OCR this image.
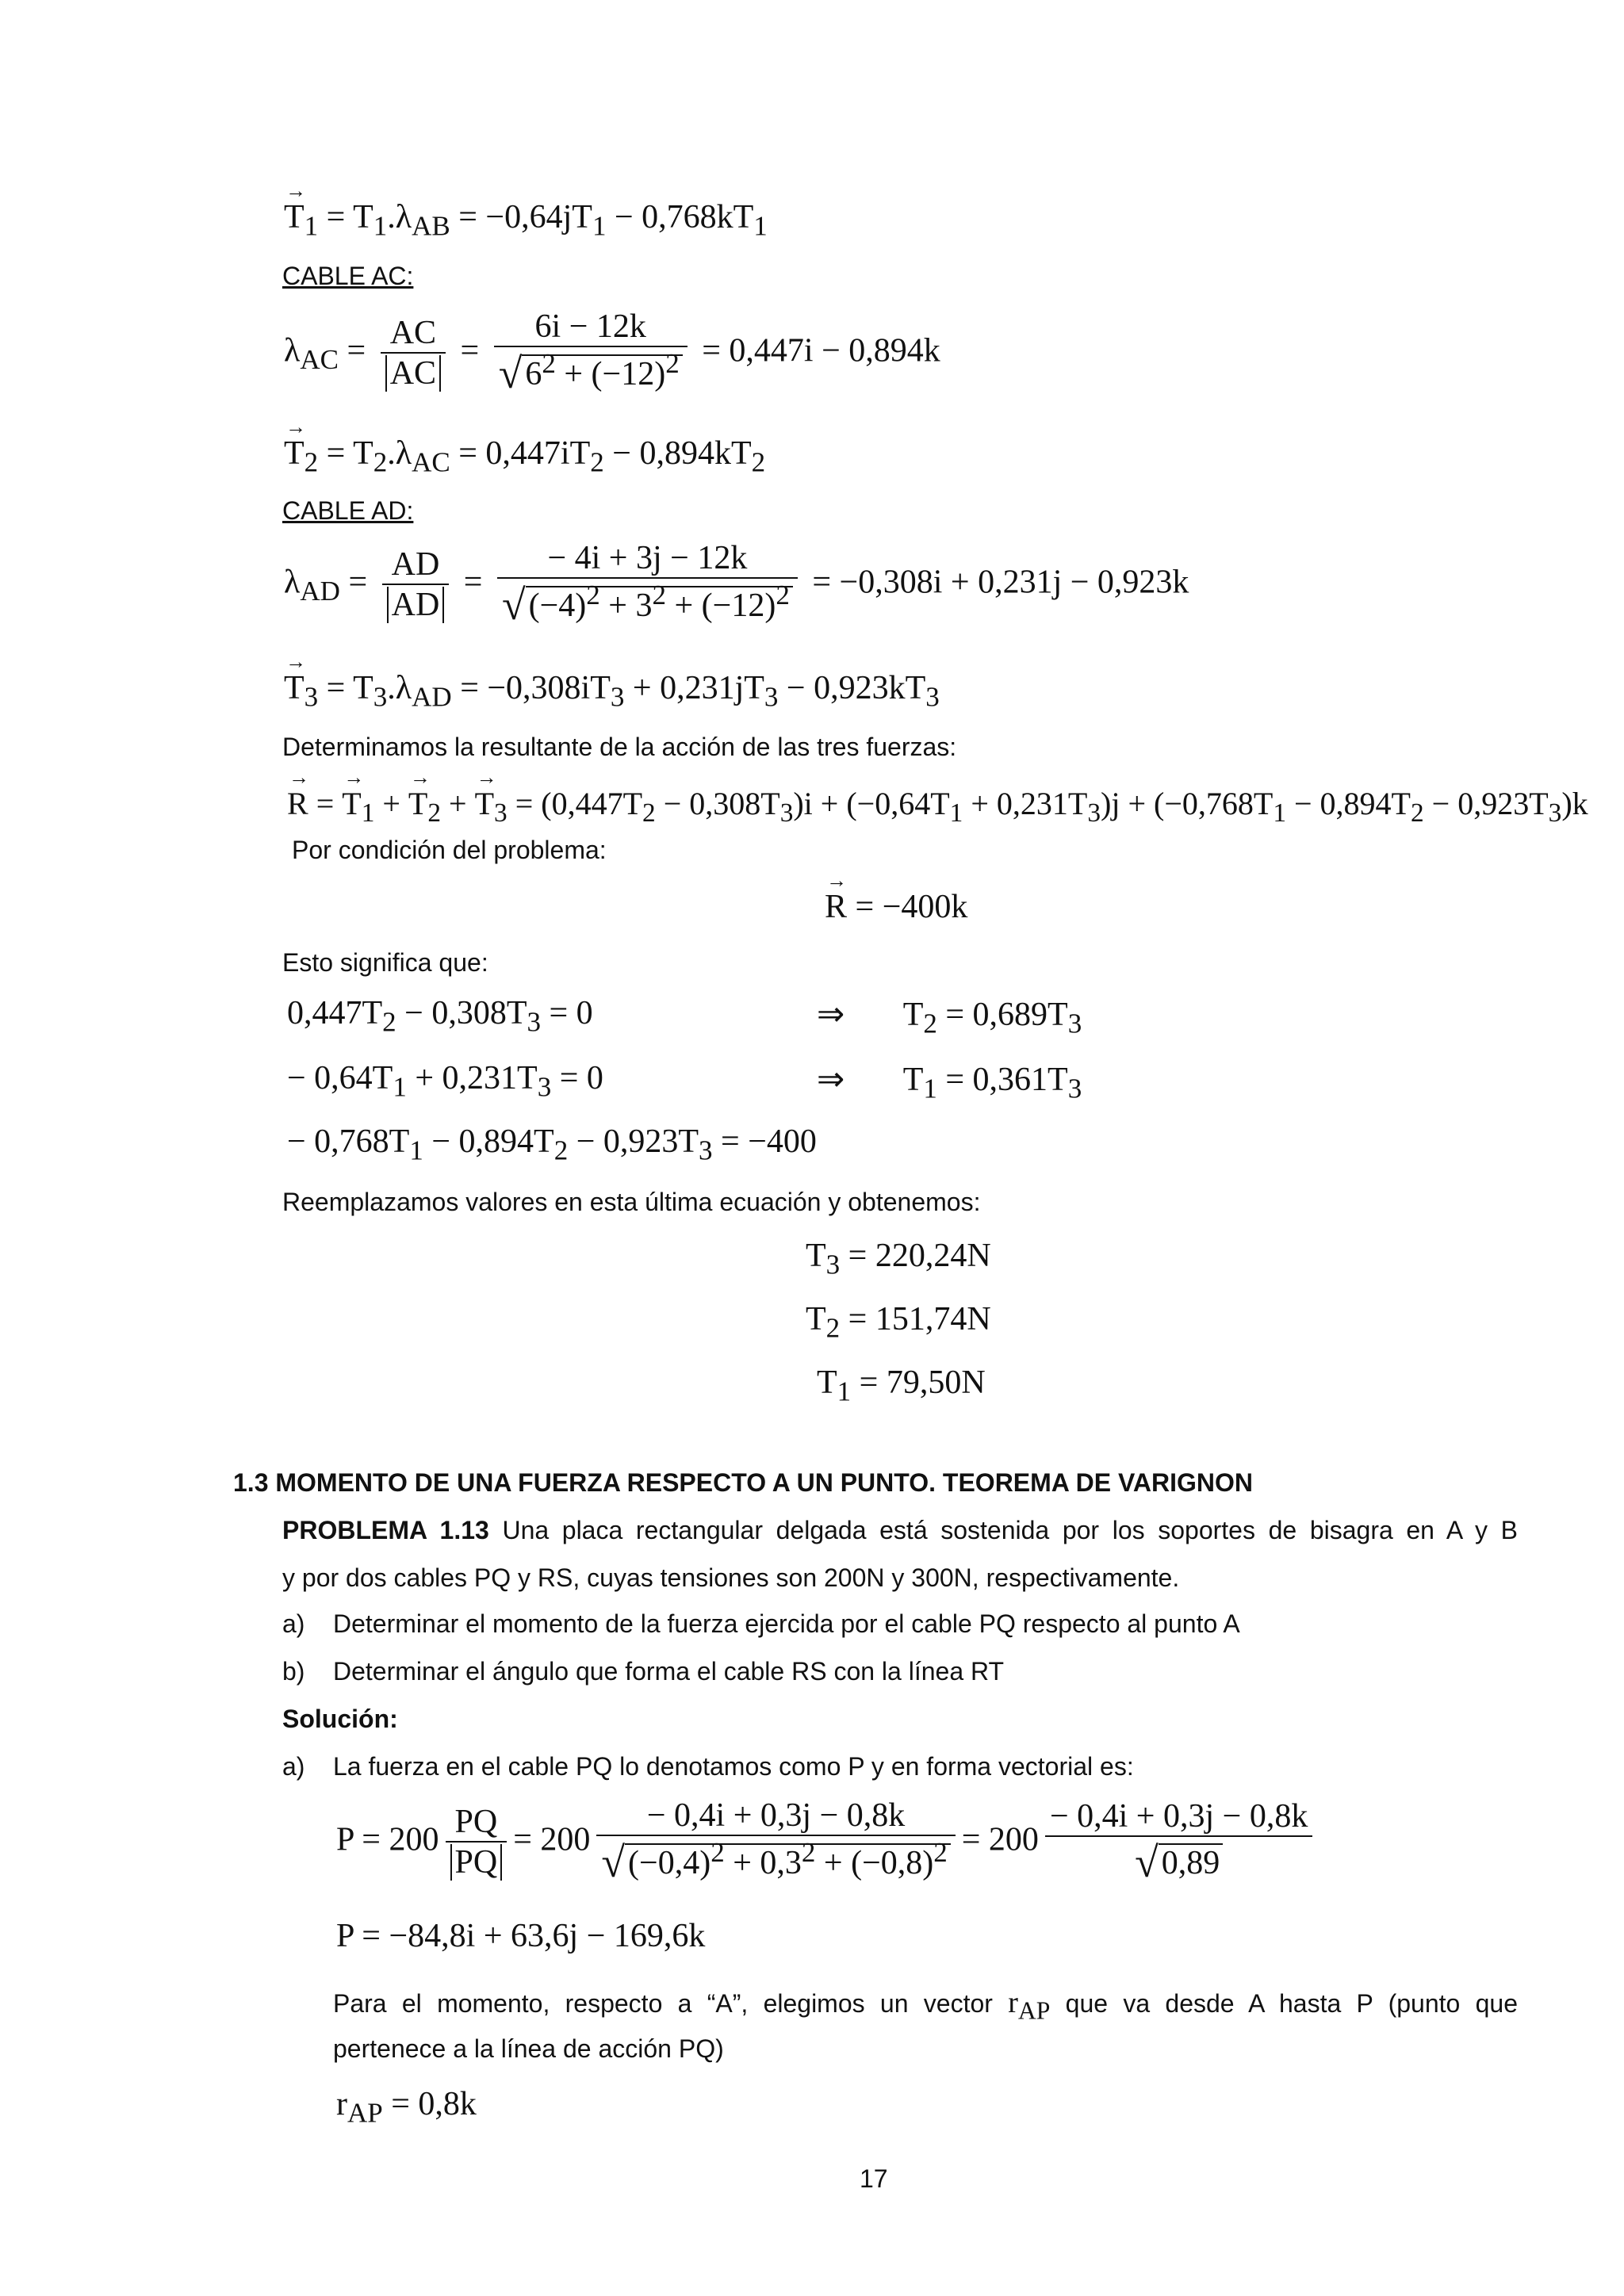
→ $T_1 = T_1.\lambda_{AB} = -0,64jT_1 - 0,768kT_1$
CABLE AC:
$\lambda_{AC} = \frac{AC}{AC} = \frac{6i - 12k}{√6^2 + (-12)^2} = 0,447i - 0,894k$
→ $T_2 = T_2.\lambda_{AC} = 0,447iT_2 - 0,894kT_2$
CABLE AD:
$\lambda_{AD} = \frac{AD}{AD} = \frac{- 4i + 3j - 12k}{√(-4)^2 + 3^2 + (-12)^2} = -0,308i + 0,231j - 0,923k$
→ $T_3 = T_3.\lambda_{AD} = -0,308iT_3 + 0,231jT_3 - 0,923kT_3$
Determinamos la resultante de la acción de las tres fuerzas:
→ R = → $T_1$ + → $T_2$ + → $T_3 = (0,447T_2 - 0,308T_3)i + (-0,64T_1 + 0,231T_3)j + (-0,768T_1 - 0,894T_2 - 0,923T_3)k$
Por condición del problema:
→ R = −400k
Esto significa que:
$0,447T_2 - 0,308T_3 = 0$	⇒       $T_2 = 0,689T_3$
− $0,64T_1 + 0,231T_3 = 0$	⇒       $T_1 = 0,361T_3$
− $0,768T_1 - 0,894T_2 - 0,923T_3 = -400$
Reemplazamos valores en esta última ecuación y obtenemos:
$T_3 = 220,24N$
$T_2 = 151,74N$
$T_1 = 79,50N$
1.3 MOMENTO DE UNA FUERZA RESPECTO A UN PUNTO. TEOREMA DE VARIGNON
PROBLEMA 1.13 Una placa rectangular delgada está sostenida por los soportes de bisagra en A y B
y por dos cables PQ y RS, cuyas tensiones son 200N y 300N, respectivamente.
a) Determinar el momento de la fuerza ejercida por el cable PQ respecto al punto A
b) Determinar el ángulo que forma el cable RS con la línea RT
Solución:
a) La fuerza en el cable PQ lo denotamos como P y en forma vectorial es:
$P = 200 \frac{PQ}{PQ} = 200 \frac{- 0,4i + 0,3j - 0,8k}{√(-0,4)^2 + 0,3^2 + (-0,8)^2} = 200 \frac{- 0,4i + 0,3j - 0,8k}{√0,89}$
P = −84,8i + 63,6j − 169,6k
Para el momento, respecto a “A”, elegimos un vector $r_{AP}$ que va desde A hasta P (punto que
pertenece a la línea de acción PQ)
$r_{AP} = 0,8k$
17
